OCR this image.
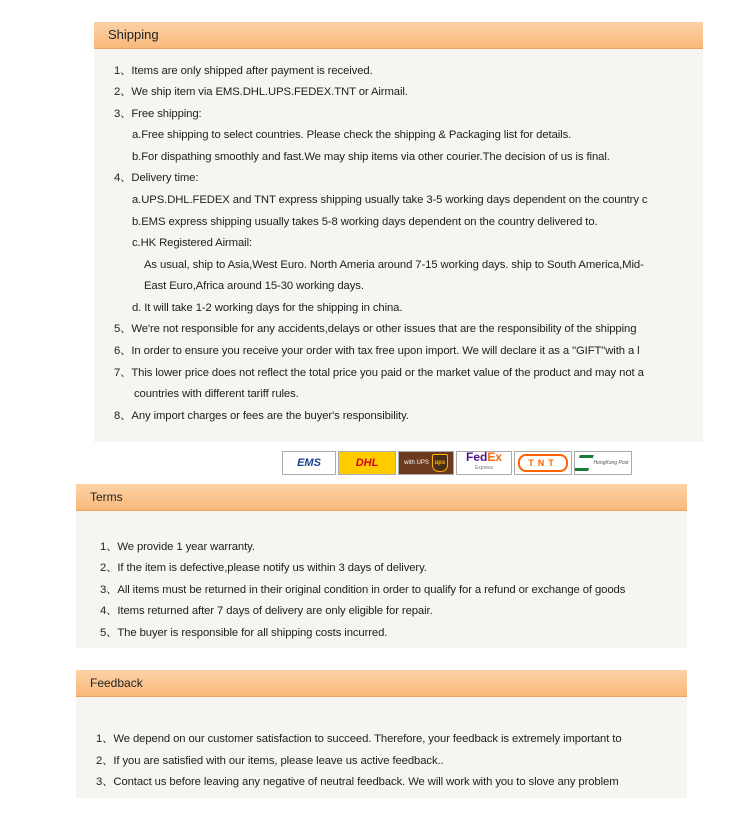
Shipping
1、Items are only shipped after payment is received.
2、We ship item via EMS.DHL.UPS.FEDEX.TNT or Airmail.
3、Free shipping:
a.Free shipping to select countries. Please check the shipping & Packaging list for details.
b.For dispathing smoothly and fast.We may ship items via other courier.The decision of us is final.
4、Delivery time:
a.UPS.DHL.FEDEX and TNT express shipping usually take 3-5 working days dependent on the country c
b.EMS express shipping usually takes 5-8 working days dependent on the country delivered to.
c.HK Registered Airmail:
As usual, ship to Asia,West Euro. North Ameria around 7-15 working days. ship to South America,Mid-
East Euro,Africa around 15-30 working days.
d. It will take 1-2 working days for the shipping in china.
5、We're not responsible for any accidents,delays or other issues that are the responsibility of the shipping
6、In order to ensure you receive your order with tax free upon import. We will declare it as a "GIFT"with a l
7、This lower price does not reflect the total price you paid or the market value of the product and may not a
countries with different tariff rules.
8、Any import charges or fees are the buyer's responsibility.
EMS	DHL	with UPS ups FedEx
Express	TNT	HongKong Post
Terms
1、We provide 1 year warranty.
2、If the item is defective,please notify us within 3 days of delivery.
3、All items must be returned in their original condition in order to qualify for a refund or exchange of goods
4、Items returned after 7 days of delivery are only eligible for repair.
5、The buyer is responsible for all shipping costs incurred.
Feedback
1、We depend on our customer satisfaction to succeed. Therefore, your feedback is extremely important to
2、If you are satisfied with our items, please leave us active feedback..
3、Contact us before leaving any negative of neutral feedback. We will work with you to slove any problem
